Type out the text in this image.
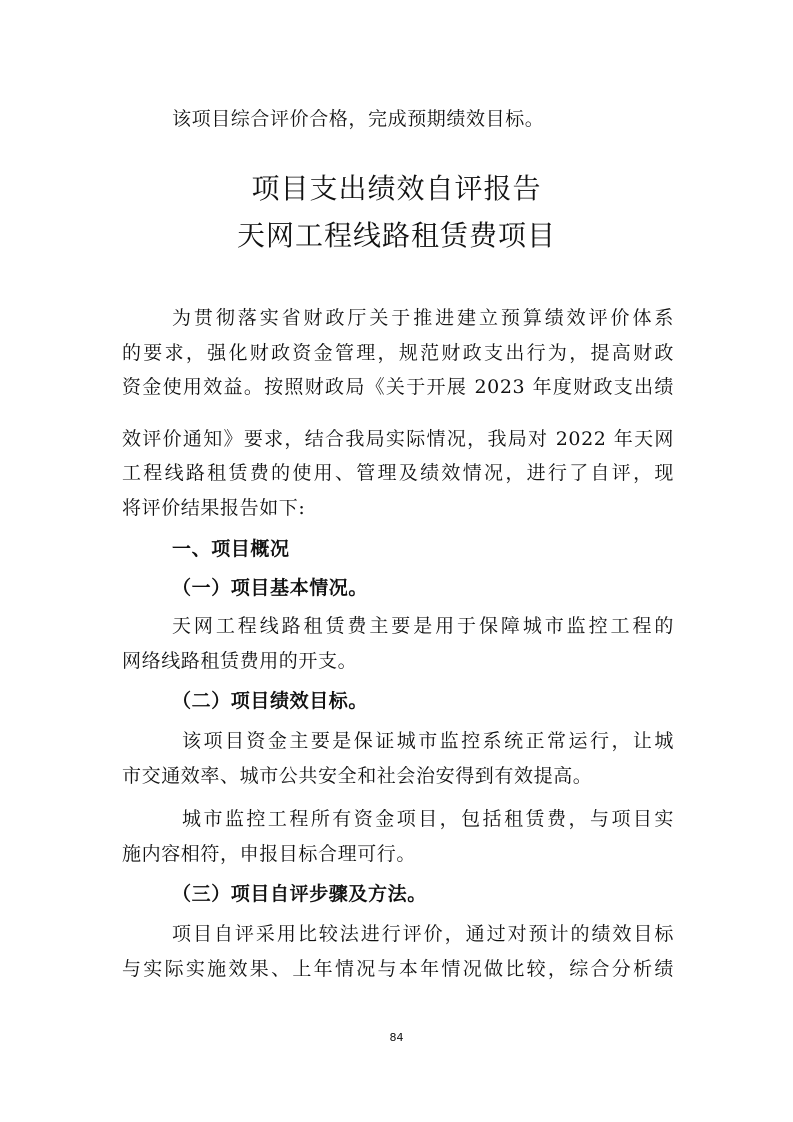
该项目综合评价合格，完成预期绩效目标。
项目支出绩效自评报告
天网工程线路租赁费项目
为贯彻落实省财政厅关于推进建立预算绩效评价体系
的要求，强化财政资金管理，规范财政支出行为，提高财政
资金使用效益。按照财政局《关于开展 2023 年度财政支出绩
效评价通知》要求，结合我局实际情况，我局对 2022 年天网
工程线路租赁费的使用、管理及绩效情况，进行了自评，现
将评价结果报告如下:
一、项目概况
（一）项目基本情况。
天网工程线路租赁费主要是用于保障城市监控工程的
网络线路租赁费用的开支。
（二）项目绩效目标。
该项目资金主要是保证城市监控系统正常运行，让城
市交通效率、城市公共安全和社会治安得到有效提高。
城市监控工程所有资金项目，包括租赁费，与项目实
施内容相符，申报目标合理可行。
（三）项目自评步骤及方法。
项目自评采用比较法进行评价，通过对预计的绩效目标
与实际实施效果、上年情况与本年情况做比较，综合分析绩
84
